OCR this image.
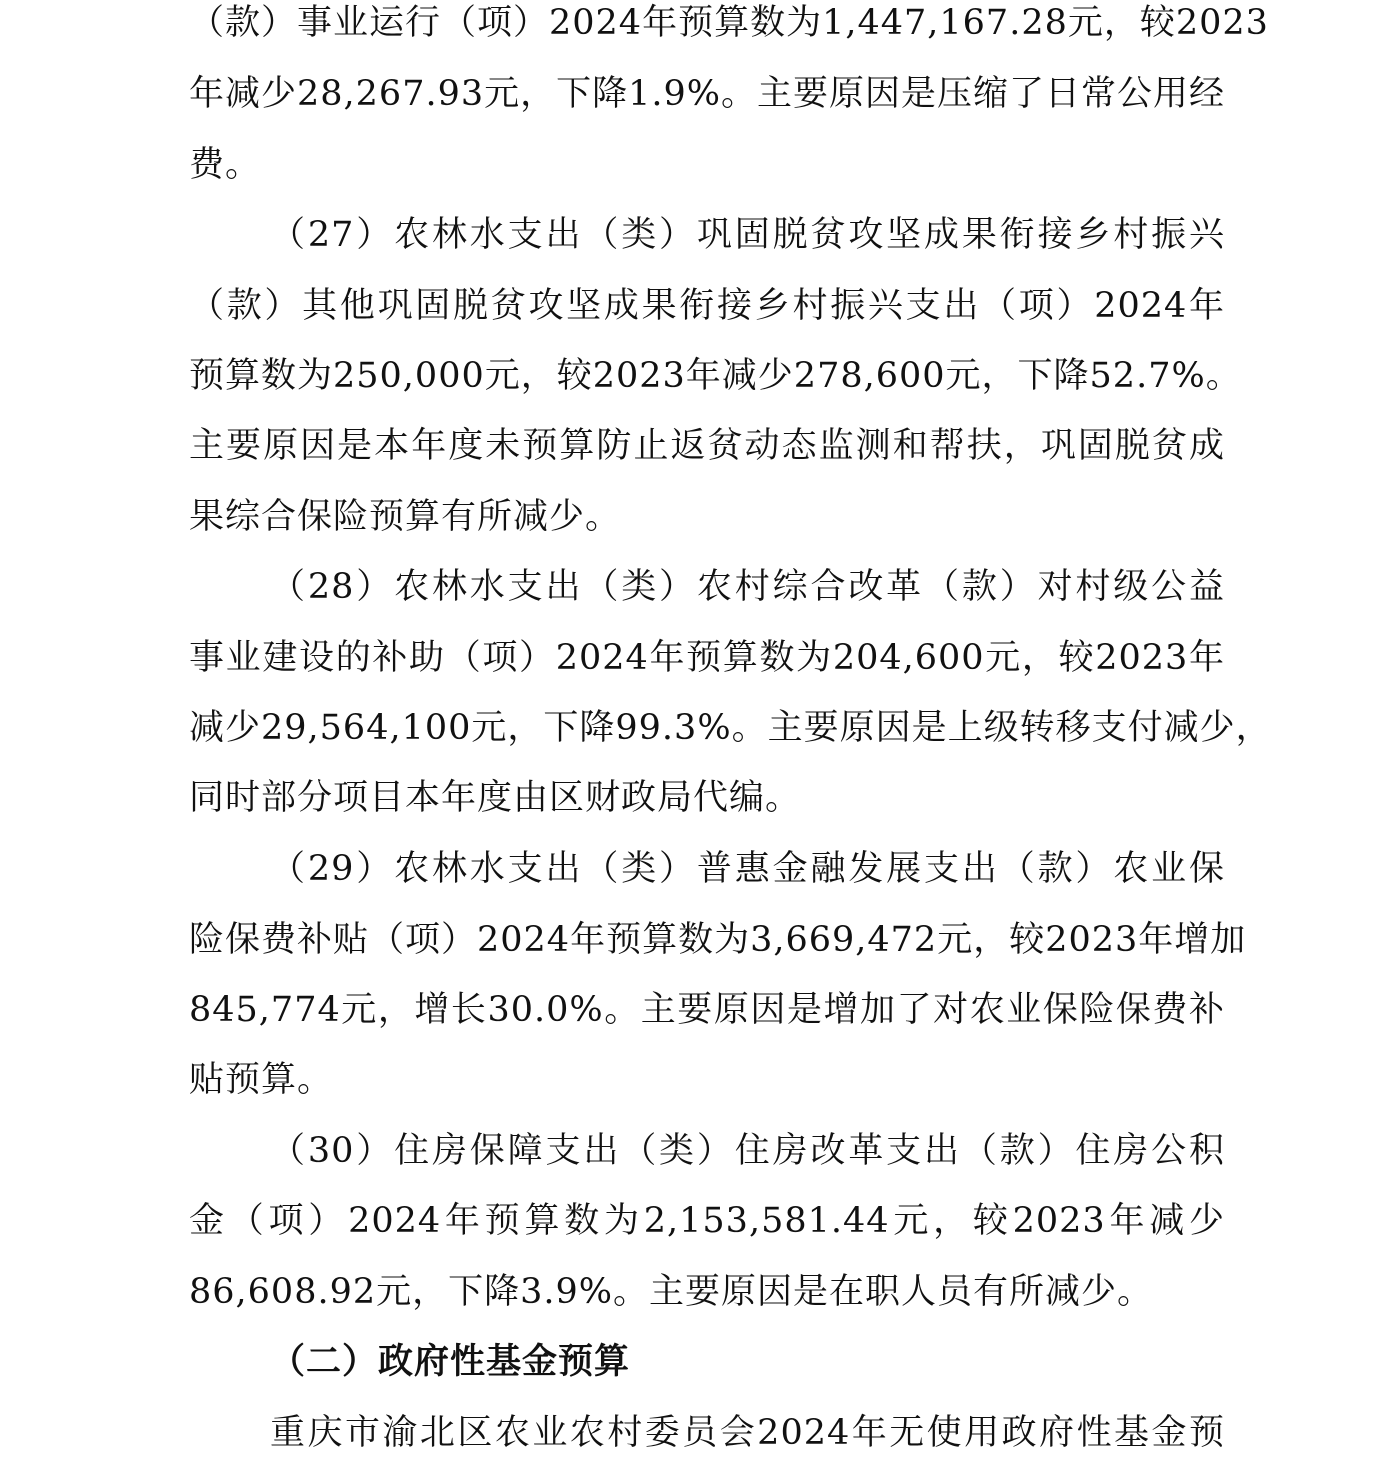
（款）事业运行（项）2024年预算数为1,447,167.28元，较2023
年减少28,267.93元，下降1.9%。主要原因是压缩了日常公用经
费。
（27）农林水支出（类）巩固脱贫攻坚成果衔接乡村振兴
（款）其他巩固脱贫攻坚成果衔接乡村振兴支出（项）2024年
预算数为250,000元，较2023年减少278,600元，下降52.7%。
主要原因是本年度未预算防止返贫动态监测和帮扶，巩固脱贫成
果综合保险预算有所减少。
（28）农林水支出（类）农村综合改革（款）对村级公益
事业建设的补助（项）2024年预算数为204,600元，较2023年
减少29,564,100元，下降99.3%。主要原因是上级转移支付减少，
同时部分项目本年度由区财政局代编。
（29）农林水支出（类）普惠金融发展支出（款）农业保
险保费补贴（项）2024年预算数为3,669,472元，较2023年增加
845,774元，增长30.0%。主要原因是增加了对农业保险保费补
贴预算。
（30）住房保障支出（类）住房改革支出（款）住房公积
金（项）2024年预算数为2,153,581.44元，较2023年减少
86,608.92元，下降3.9%。主要原因是在职人员有所减少。
（二）政府性基金预算
重庆市渝北区农业农村委员会2024年无使用政府性基金预
